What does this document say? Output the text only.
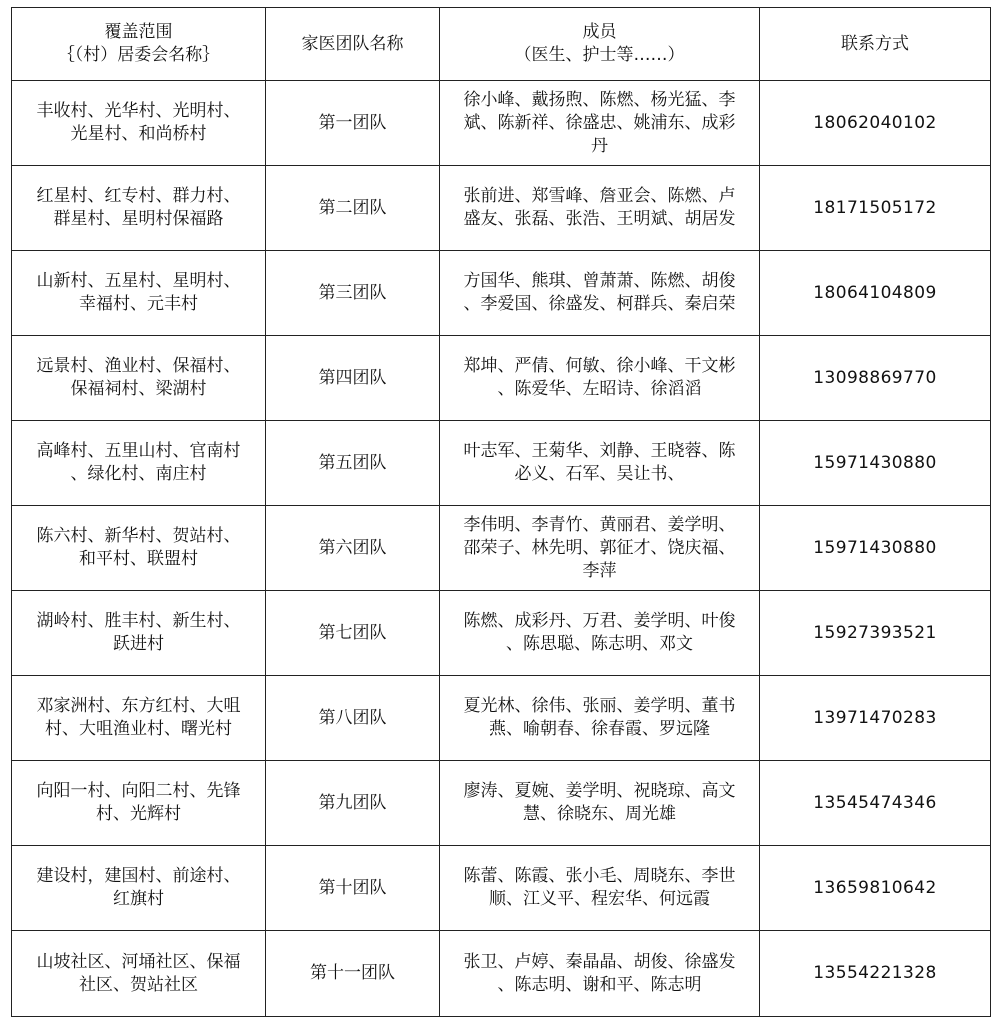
覆盖范围
｛（村）居委会名称｝	家医团队名称	成员
（医生、护士等……）	联系方式

丰收村、光华村、光明村、
光星村、和尚桥村	第一团队	徐小峰、戴扬煦、陈燃、杨光猛、李
斌、陈新祥、徐盛忠、姚浦东、成彩
丹	18062040102

红星村、红专村、群力村、
群星村、星明村保福路	第二团队	张前进、郑雪峰、詹亚会、陈燃、卢
盛友、张磊、张浩、王明斌、胡居发	18171505172

山新村、五星村、星明村、
幸福村、元丰村	第三团队	方国华、熊琪、曾萧萧、陈燃、胡俊
、李爱国、徐盛发、柯群兵、秦启荣	18064104809

远景村、渔业村、保福村、
保福祠村、梁湖村	第四团队	郑坤、严倩、何敏、徐小峰、干文彬
、陈爱华、左昭诗、徐滔滔	13098869770

高峰村、五里山村、官南村
、绿化村、南庄村	第五团队	叶志军、王菊华、刘静、王晓蓉、陈
必义、石军、吴让书、	15971430880

陈六村、新华村、贺站村、
和平村、联盟村	第六团队	李伟明、李青竹、黄丽君、姜学明、
邵荣子、林先明、郭征才、饶庆福、
李萍	15971430880

湖岭村、胜丰村、新生村、
跃进村	第七团队	陈燃、成彩丹、万君、姜学明、叶俊
、陈思聪、陈志明、邓文	15927393521

邓家洲村、东方红村、大咀
村、大咀渔业村、曙光村	第八团队	夏光林、徐伟、张丽、姜学明、董书
燕、喻朝春、徐春霞、罗远隆	13971470283

向阳一村、向阳二村、先锋
村、光辉村	第九团队	廖涛、夏婉、姜学明、祝晓琼、高文
慧、徐晓东、周光雄	13545474346

建设村，建国村、前途村、
红旗村	第十团队	陈蕾、陈霞、张小毛、周晓东、李世
顺、江义平、程宏华、何远霞	13659810642

山坡社区、河埇社区、保福
社区、贺站社区	第十一团队	张卫、卢婷、秦晶晶、胡俊、徐盛发
、陈志明、谢和平、陈志明	13554221328
